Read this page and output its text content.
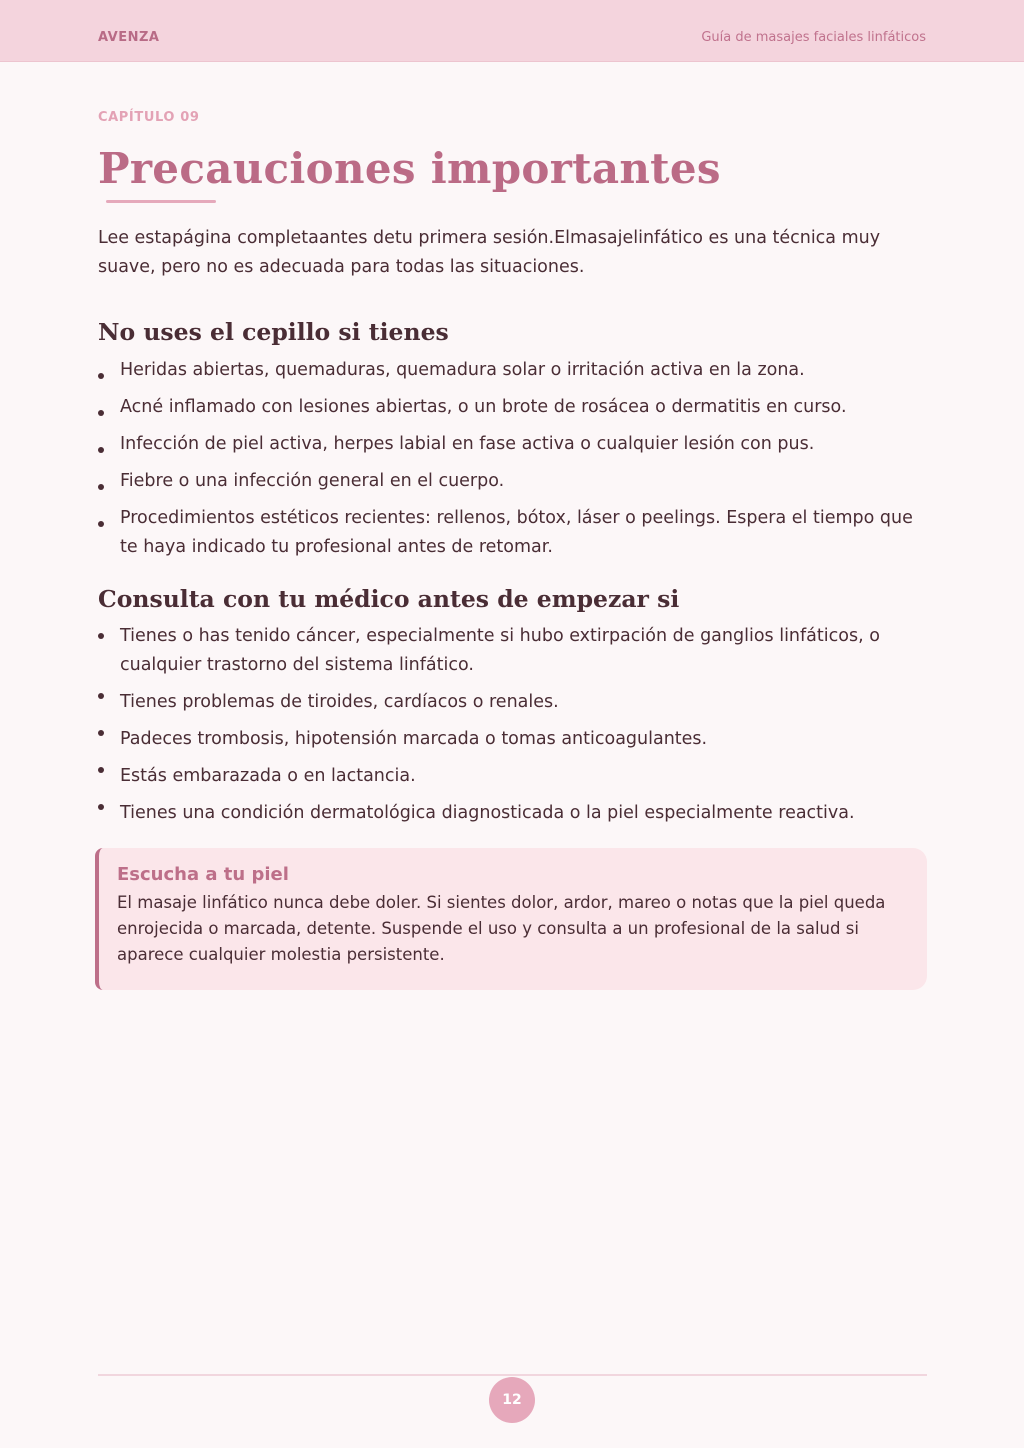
AVENZA	Guía de masajes faciales linfáticos
CAPÍTULO 09
Precauciones importantes

Lee estapágina completaantes detu primera sesión.Elmasajelinfático es una técnica muy suave, pero no es adecuada para todas las situaciones.

No uses el cepillo si tienes
Heridas abiertas, quemaduras, quemadura solar o irritación activa en la zona.
Acné inflamado con lesiones abiertas, o un brote de rosácea o dermatitis en curso.
Infección de piel activa, herpes labial en fase activa o cualquier lesión con pus.
Fiebre o una infección general en el cuerpo.
Procedimientos estéticos recientes: rellenos, bótox, láser o peelings. Espera el tiempo que te haya indicado tu profesional antes de retomar.
Consulta con tu médico antes de empezar si
Tienes o has tenido cáncer, especialmente si hubo extirpación de ganglios linfáticos, o cualquier trastorno del sistema linfático.
Tienes problemas de tiroides, cardíacos o renales.
Padeces trombosis, hipotensión marcada o tomas anticoagulantes.
Estás embarazada o en lactancia.
Tienes una condición dermatológica diagnosticada o la piel especialmente reactiva.
Escucha a tu piel
El masaje linfático nunca debe doler. Si sientes dolor, ardor, mareo o notas que la piel queda enrojecida o marcada, detente. Suspende el uso y consulta a un profesional de la salud si aparece cualquier molestia persistente.
12
